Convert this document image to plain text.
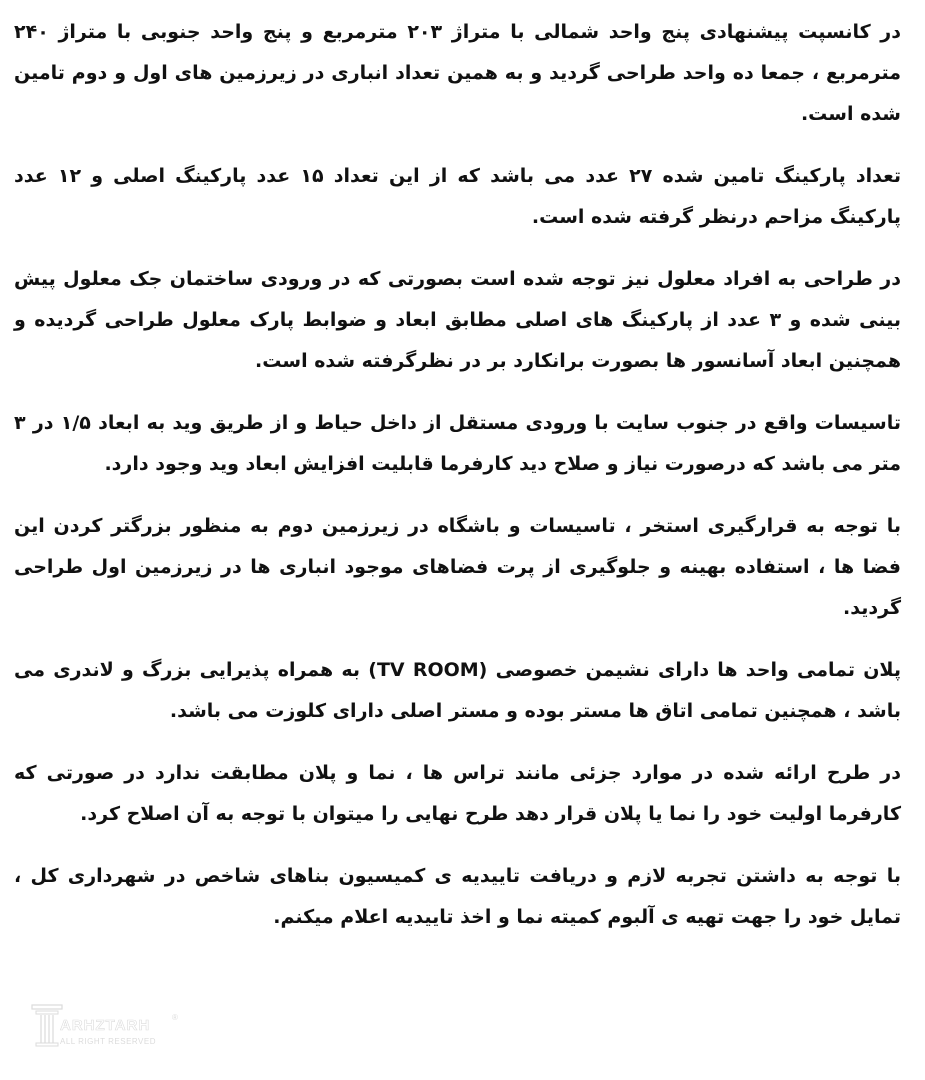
در کانسپت پیشنهادی پنج واحد شمالی با متراژ ۲۰۳ مترمربع و پنج واحد جنوبی با متراژ ۲۴۰ مترمربع ، جمعا ده واحد طراحی گردید و به همین تعداد انباری در زیرزمین های اول و دوم تامین شده است.

تعداد پارکینگ تامین شده ۲۷ عدد می باشد که از این تعداد ۱۵ عدد پارکینگ اصلی و ۱۲ عدد پارکینگ مزاحم درنظر گرفته شده است.

در طراحی به افراد معلول نیز توجه شده است بصورتی که در ورودی ساختمان جک معلول پیش بینی شده و ۳ عدد از پارکینگ های اصلی مطابق ابعاد و ضوابط پارک معلول طراحی گردیده و همچنین ابعاد آسانسور ها بصورت برانکارد بر در نظرگرفته شده است.

تاسیسات واقع در جنوب سایت با ورودی مستقل از داخل حیاط و از طریق وید به ابعاد ۱/۵ در ۳ متر می باشد که درصورت نیاز و صلاح دید کارفرما قابلیت افزایش ابعاد وید وجود دارد.

با توجه به قرارگیری استخر ، تاسیسات و باشگاه در زیرزمین دوم به منظور بزرگتر کردن این فضا ها ، استفاده بهینه و جلوگیری از پرت فضاهای موجود انباری ها در زیرزمین اول طراحی گردید.

پلان تمامی واحد ها دارای نشیمن خصوصی (TV ROOM) به همراه پذیرایی بزرگ و لاندری می باشد ، همچنین تمامی اتاق ها مستر بوده و مستر اصلی دارای کلوزت می باشد.

در طرح ارائه شده در موارد جزئی مانند تراس ها ، نما و پلان مطابقت ندارد در صورتی که کارفرما اولیت خود را نما یا پلان قرار دهد طرح نهایی را میتوان با توجه به آن اصلاح کرد.

با توجه به داشتن تجربه لازم و دریافت تاییدیه ی کمیسیون بناهای شاخص در شهرداری کل ، تمایل خود را جهت تهیه ی آلبوم کمیته نما و اخذ تاییدیه اعلام میکنم.

ARHZTARH	®
ALL RIGHT RESERVED
